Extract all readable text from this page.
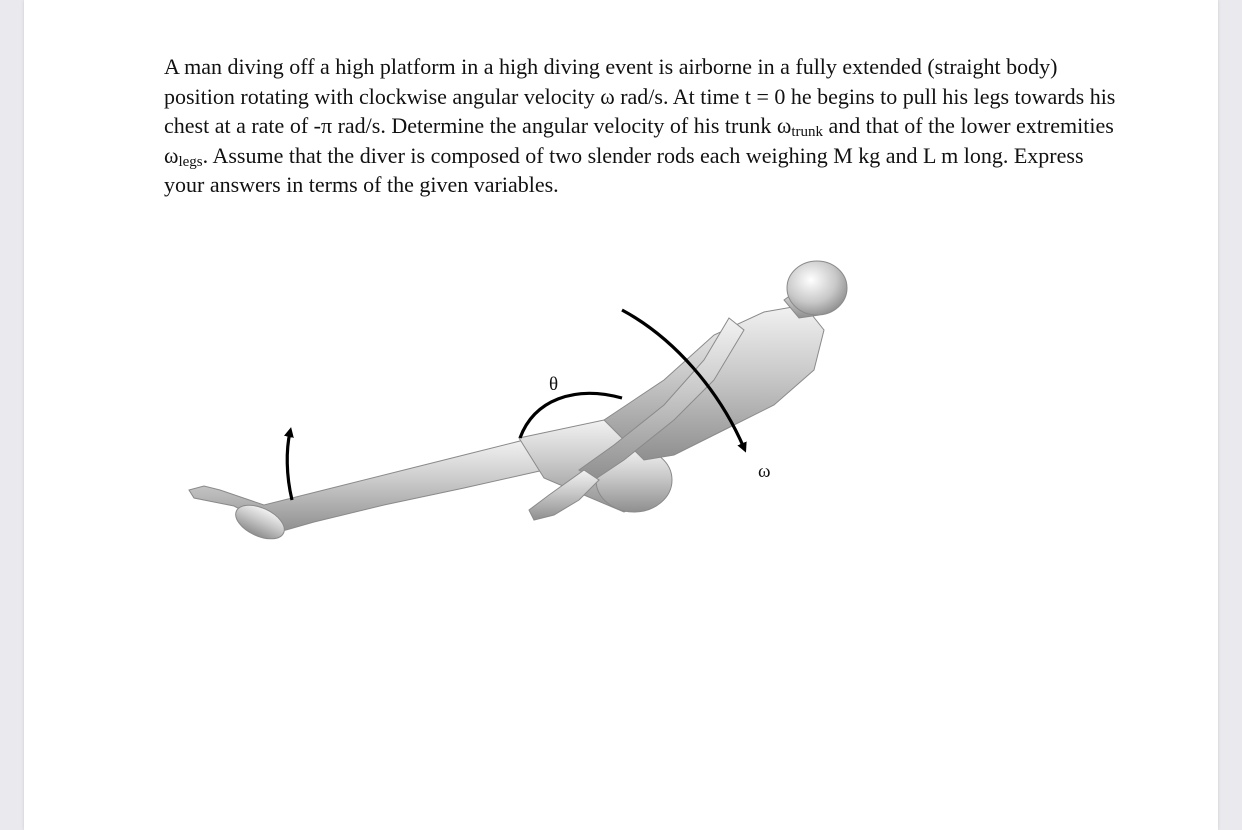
A man diving off a high platform in a high diving event is airborne in a fully extended (straight body) position rotating with clockwise angular velocity ω rad/s. At time t = 0 he begins to pull his legs towards his chest at a rate of -π rad/s. Determine the angular velocity of his trunk $\omega_{trunk}$ and that of the lower extremities $\omega_{legs}$. Assume that the diver is composed of two slender rods each weighing M kg and L m long. Express your answers in terms of the given variables.

θ
ω
